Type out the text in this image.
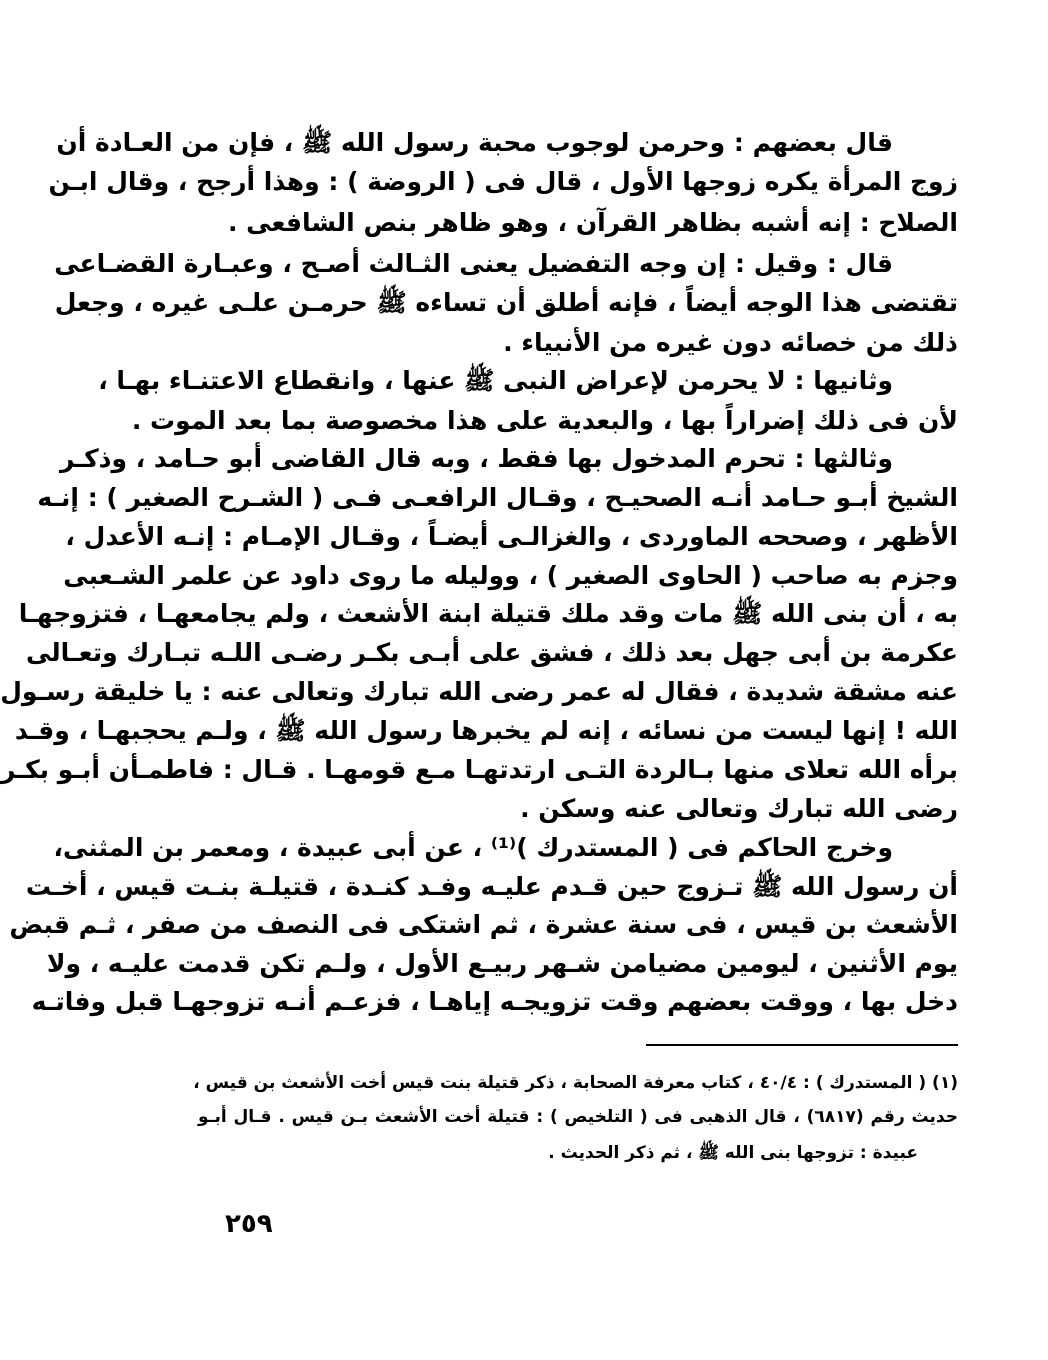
قال بعضهم : وحرمن لوجوب محبة رسول الله ﷺ ، فإن من العـادة أن
زوج المرأة يكره زوجها الأول ، قال فى ( الروضة ) : وهذا أرجح ، وقال ابـن
الصلاح : إنه أشبه بظاهر القرآن ، وهو ظاهر بنص الشافعى .
قال : وقيل : إن وجه التفضيل يعنى الثـالث أصـح ، وعبـارة القضـاعى
تقتضى هذا الوجه أيضاً ، فإنه أطلق أن تساءه ﷺ حرمـن علـى غيره ، وجعل
ذلك من خصائه دون غيره من الأنبياء .
وثانيها : لا يحرمن لإعراض النبى ﷺ عنها ، وانقطاع الاعتنـاء بهـا ،
لأن فى ذلك إضراراً بها ، والبعدية على هذا مخصوصة بما بعد الموت .
وثالثها : تحرم المدخول بها فقط ، وبه قال القاضى أبو حـامد ، وذكـر
الشيخ أبـو حـامد أنـه الصحيـح ، وقـال الرافعـى فـى ( الشـرح الصغير ) : إنـه
الأظهر ، وصححه الماوردى ، والغزالـى أيضـاً ، وقـال الإمـام : إنـه الأعدل ،
وجزم به صاحب ( الحاوى الصغير ) ، ووليله ما روى داود عن علمر الشـعبى
به ، أن بنى الله ﷺ مات وقد ملك قتيلة ابنة الأشعث ، ولم يجامعهـا ، فتزوجهـا
عكرمة بن أبى جهل بعد ذلك ، فشق على أبـى بكـر رضـى اللـه تبـارك وتعـالى
عنه مشقة شديدة ، فقال له عمر رضى الله تبارك وتعالى عنه : يا خليقة رسـول
الله ! إنها ليست من نسائه ، إنه لم يخبرها رسول الله ﷺ ، ولـم يحجبهـا ، وقـد
برأه الله تعلاى منها بـالردة التـى ارتدتهـا مـع قومهـا . قـال : فاطمـأن أبـو بكـر
رضى الله تبارك وتعالى عنه وسكن .
وخرج الحاكم فى ( المستدرك )⁽¹⁾ ، عن أبى عبيدة ، ومعمر بن المثنى،
أن رسول الله ﷺ تـزوج حين قـدم عليـه وفـد كنـدة ، قتيلـة بنـت قيس ، أخـت
الأشعث بن قيس ، فى سنة عشرة ، ثم اشتكى فى النصف من صفر ، ثـم قبض
يوم الأثنين ، ليومين مضيامن شـهر ربيـع الأول ، ولـم تكن قدمت عليـه ، ولا
دخل بها ، ووقت بعضهم وقت تزويجـه إياهـا ، فزعـم أنـه تزوجهـا قبل وفاتـه
(١) ( المستدرك ) : ٤٠/٤ ، كتاب معرفة الصحابة ، ذكر قتيلة بنت قيس أخت الأشعث بن قيس ،
حديث رقم (٦٨١٧) ، قال الذهبى فى ( التلخيص ) : قتيلة أخت الأشعث بـن قيس . قـال أبـو
عبيدة : تزوجها بنى الله ﷺ ، ثم ذكر الحديث .
٢٥٩
